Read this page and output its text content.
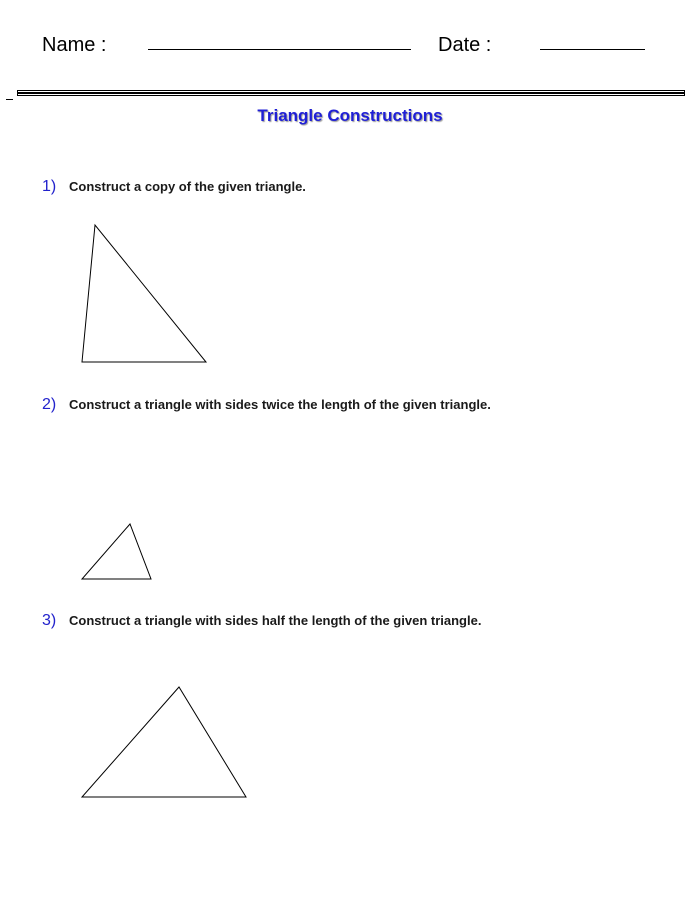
Name :	Date :
Triangle Constructions
1) Construct a copy of the given triangle.
2) Construct a triangle with sides twice the length of the given triangle.
3) Construct a triangle with sides half the length of the given triangle.
